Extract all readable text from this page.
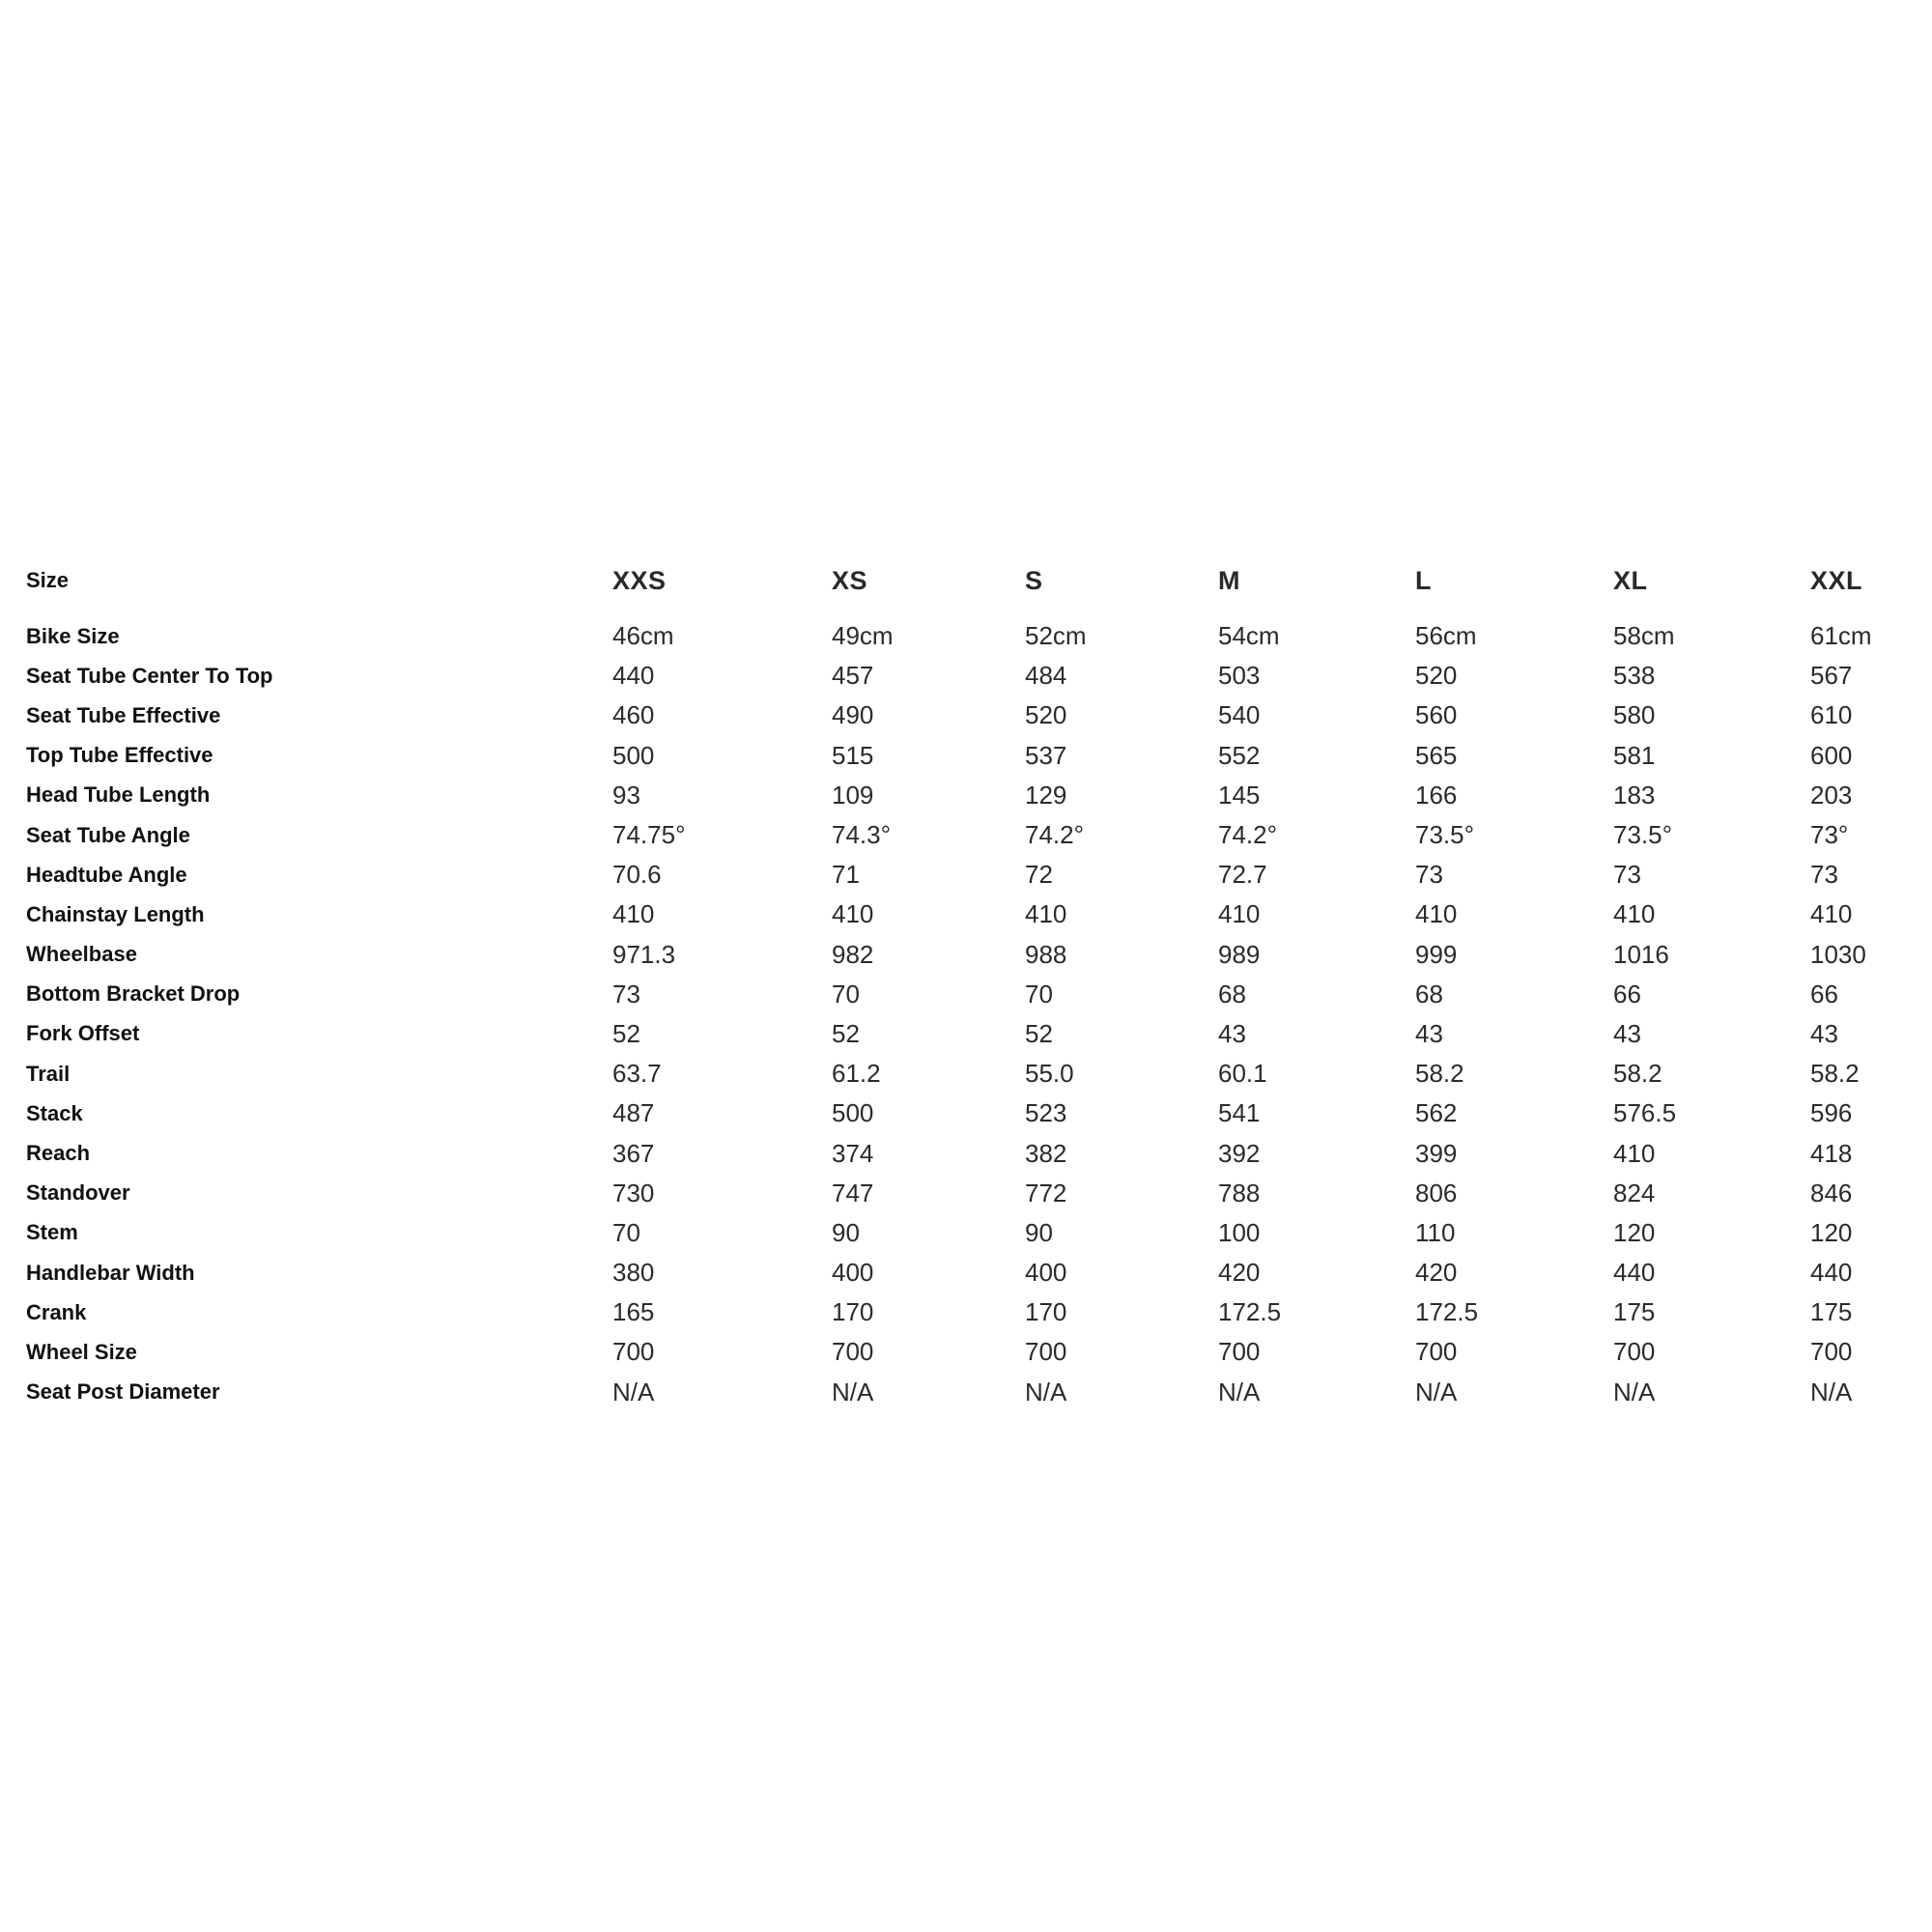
Size	XXS	XS	S	M	L	XL	XXL
Bike Size	46cm	49cm	52cm	54cm	56cm	58cm	61cm
Seat Tube Center To Top	440	457	484	503	520	538	567
Seat Tube Effective	460	490	520	540	560	580	610
Top Tube Effective	500	515	537	552	565	581	600
Head Tube Length	93	109	129	145	166	183	203
Seat Tube Angle	74.75°	74.3°	74.2°	74.2°	73.5°	73.5°	73°
Headtube Angle	70.6	71	72	72.7	73	73	73
Chainstay Length	410	410	410	410	410	410	410
Wheelbase	971.3	982	988	989	999	1016	1030
Bottom Bracket Drop	73	70	70	68	68	66	66
Fork Offset	52	52	52	43	43	43	43
Trail	63.7	61.2	55.0	60.1	58.2	58.2	58.2
Stack	487	500	523	541	562	576.5	596
Reach	367	374	382	392	399	410	418
Standover	730	747	772	788	806	824	846
Stem	70	90	90	100	110	120	120
Handlebar Width	380	400	400	420	420	440	440
Crank	165	170	170	172.5	172.5	175	175
Wheel Size	700	700	700	700	700	700	700
Seat Post Diameter	N/A	N/A	N/A	N/A	N/A	N/A	N/A
